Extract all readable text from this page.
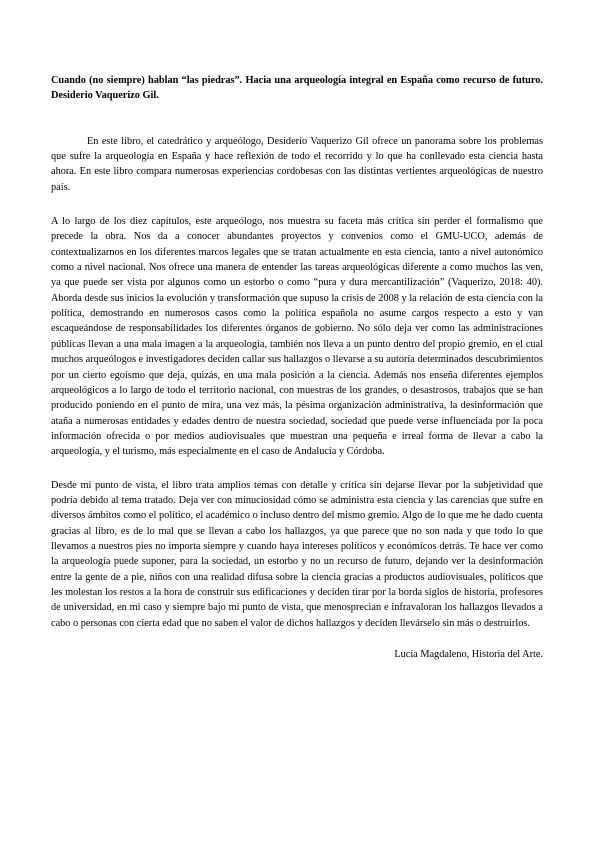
Cuando (no siempre) hablan “las piedras”. Hacia una arqueología integral en España como recurso de futuro. Desiderio Vaquerizo Gil.

En este libro, el catedrático y arqueólogo, Desiderio Vaquerizo Gil ofrece un panorama sobre los problemas que sufre la arqueología en España y hace reflexión de todo el recorrido y lo que ha conllevado esta ciencia hasta ahora. En este libro compara numerosas experiencias cordobesas con las distintas vertientes arqueológicas de nuestro país.

A lo largo de los diez capítulos, este arqueólogo, nos muestra su faceta más crítica sin perder el formalismo que precede la obra. Nos da a conocer abundantes proyectos y convenios como el GMU-UCO, además de contextualizarnos en los diferentes marcos legales que se tratan actualmente en esta ciencia, tanto a nivel autonómico como a nivel nacional. Nos ofrece una manera de entender las tareas arqueológicas diferente a como muchos las ven, ya que puede ser vista por algunos como un estorbo o como “pura y dura mercantilización” (Vaquerizo, 2018: 40). Aborda desde sus inicios la evolución y transformación que supuso la crisis de 2008 y la relación de esta ciencia con la política, demostrando en numerosos casos como la política española no asume cargos respecto a esto y van escaqueándose de responsabilidades los diferentes órganos de gobierno. No sólo deja ver como las administraciones públicas llevan a una mala imagen a la arqueología, también nos lleva a un punto dentro del propio gremio, en el cual muchos arqueólogos e investigadores deciden callar sus hallazgos o llevarse a su autoría determinados descubrimientos por un cierto egoísmo que deja, quizás, en una mala posición a la ciencia. Además nos enseña diferentes ejemplos arqueológicos a lo largo de todo el territorio nacional, con muestras de los grandes, o desastrosos, trabajos que se han producido poniendo en el punto de mira, una vez más, la pésima organización administrativa, la desinformación que ataña a numerosas entidades y edades dentro de nuestra sociedad, sociedad que puede verse influenciada por la poca información ofrecida o por medios audiovisuales que muestran una pequeña e irreal forma de llevar a cabo la arqueología, y el turismo, más especialmente en el caso de Andalucía y Córdoba.

Desde mi punto de vista, el libro trata amplios temas con detalle y crítica sin dejarse llevar por la subjetividad que podría debido al tema tratado. Deja ver con minuciosidad cómo se administra esta ciencia y las carencias que sufre en diversos ámbitos como el político, el académico o incluso dentro del mismo gremio. Algo de lo que me he dado cuenta gracias al libro, es de lo mal que se llevan a cabo los hallazgos, ya que parece que no son nada y que todo lo que llevamos a nuestros pies no importa siempre y cuando haya intereses políticos y económicos detrás. Te hace ver como la arqueología puede suponer, para la sociedad, un estorbo y no un recurso de futuro, dejando ver la desinformación entre la gente de a pie, niños con una realidad difusa sobre la ciencia gracias a productos audiovisuales, políticos que les molestan los restos a la hora de construir sus edificaciones y deciden tirar por la borda siglos de historia, profesores de universidad, en mi caso y siempre bajo mi punto de vista, que menosprecian e infravaloran los hallazgos llevados a cabo o personas con cierta edad que no saben el valor de dichos hallazgos y deciden llevárselo sin más o destruirlos.

Lucía Magdaleno, Historia del Arte.
